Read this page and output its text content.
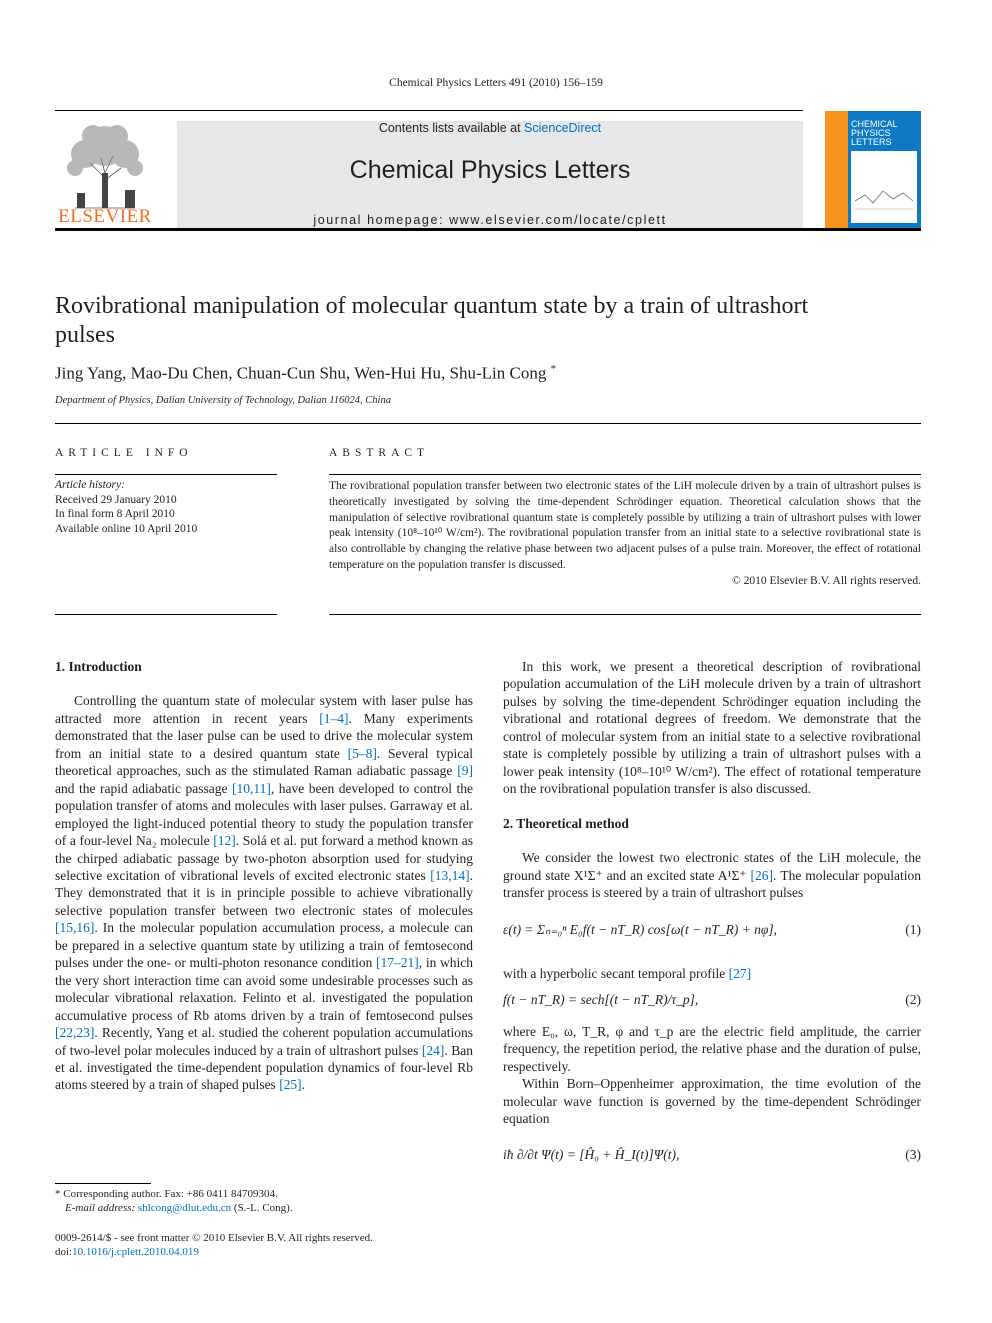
Chemical Physics Letters 491 (2010) 156–159
ELSEVIER
Contents lists available at ScienceDirect
Chemical Physics Letters
journal homepage: www.elsevier.com/locate/cplett
CHEMICAL
PHYSICS
LETTERS
Rovibrational manipulation of molecular quantum state by a train of ultrashort pulses
Jing Yang, Mao-Du Chen, Chuan-Cun Shu, Wen-Hui Hu, Shu-Lin Cong *
Department of Physics, Dalian University of Technology, Dalian 116024, China
ARTICLE INFO	ABSTRACT
Article history:
Received 29 January 2010
In final form 8 April 2010
Available online 10 April 2010
The rovibrational population transfer between two electronic states of the LiH molecule driven by a train of ultrashort pulses is theoretically investigated by solving the time-dependent Schrödinger equation. Theoretical calculation shows that the manipulation of selective rovibrational quantum state is completely possible by utilizing a train of ultrashort pulses with lower peak intensity (10⁸–10¹⁰ W/cm²). The rovibrational population transfer from an initial state to a selective rovibrational state is also controllable by changing the relative phase between two adjacent pulses of a pulse train. Moreover, the effect of rotational temperature on the population transfer is discussed.
© 2010 Elsevier B.V. All rights reserved.
1. Introduction

Controlling the quantum state of molecular system with laser pulse has attracted more attention in recent years [1–4]. Many experiments demonstrated that the laser pulse can be used to drive the molecular system from an initial state to a desired quantum state [5–8]. Several typical theoretical approaches, such as the stimulated Raman adiabatic passage [9] and the rapid adiabatic passage [10,11], have been developed to control the population transfer of atoms and molecules with laser pulses. Garraway et al. employed the light-induced potential theory to study the population transfer of a four-level Na₂ molecule [12]. Solá et al. put forward a method known as the chirped adiabatic passage by two-photon absorption used for studying selective excitation of vibrational levels of excited electronic states [13,14]. They demonstrated that it is in principle possible to achieve vibrationally selective population transfer between two electronic states of molecules [15,16]. In the molecular population accumulation process, a molecule can be prepared in a selective quantum state by utilizing a train of femtosecond pulses under the one- or multi-photon resonance condition [17–21], in which the very short interaction time can avoid some undesirable processes such as molecular vibrational relaxation. Felinto et al. investigated the population accumulative process of Rb atoms driven by a train of femtosecond pulses [22,23]. Recently, Yang et al. studied the coherent population accumulations of two-level polar molecules induced by a train of ultrashort pulses [24]. Ban et al. investigated the time-dependent population dynamics of four-level Rb atoms steered by a train of shaped pulses [25].

In this work, we present a theoretical description of rovibrational population accumulation of the LiH molecule driven by a train of ultrashort pulses by solving the time-dependent Schrödinger equation including the vibrational and rotational degrees of freedom. We demonstrate that the control of molecular system from an initial state to a selective rovibrational state is completely possible by utilizing a train of ultrashort pulses with a lower peak intensity (10⁸–10¹⁰ W/cm²). The effect of rotational temperature on the rovibrational population transfer is also discussed.

2. Theoretical method

We consider the lowest two electronic states of the LiH molecule, the ground state X¹Σ⁺ and an excited state A¹Σ⁺ [26]. The molecular population transfer process is steered by a train of ultrashort pulses

ε(t) = Σₙ₌₀ⁿ E₀f(t − nT_R) cos[ω(t − nT_R) + nφ],	(1)

with a hyperbolic secant temporal profile [27]

f(t − nT_R) = sech[(t − nT_R)/τ_p],	(2)

where E₀, ω, T_R, φ and τ_p are the electric field amplitude, the carrier frequency, the repetition period, the relative phase and the duration of pulse, respectively.

Within Born–Oppenheimer approximation, the time evolution of the molecular wave function is governed by the time-dependent Schrödinger equation

iħ ∂/∂t Ψ(t) = [Ĥ₀ + Ĥ_I(t)]Ψ(t),	(3)
* Corresponding author. Fax: +86 0411 84709304.
E-mail address: shlcong@dlut.edu.cn (S.-L. Cong).
0009-2614/$ - see front matter © 2010 Elsevier B.V. All rights reserved.
doi:10.1016/j.cplett.2010.04.019
